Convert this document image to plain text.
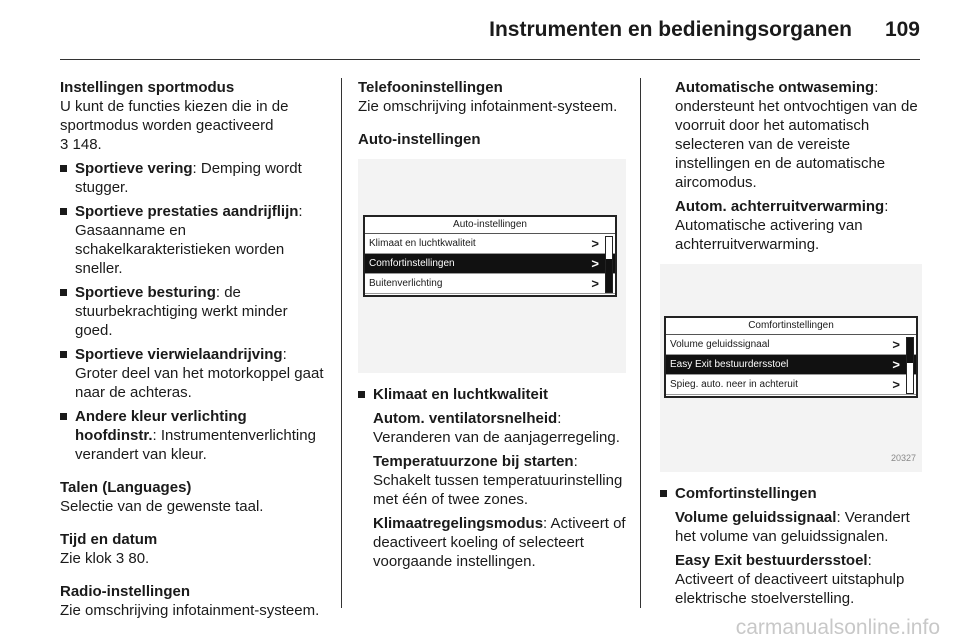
Instrumenten en bedieningsorganen 109

Instellingen sportmodus

U kunt de functies kiezen die in de sportmodus worden geactiveerd

3 148.

Sportieve vering: Demping wordt stugger.
Sportieve prestaties aandrijflijn: Gasaanname en schakelkarakteristieken worden sneller.
Sportieve besturing: de stuurbekrachtiging werkt minder goed.
Sportieve vierwielaandrijving: Groter deel van het motorkoppel gaat naar de achteras.
Andere kleur verlichting hoofdinstr.: Instrumentenverlichting verandert van kleur.

Talen (Languages)

Selectie van de gewenste taal.

Tijd en datum

Zie klok 3 80.

Radio-instellingen

Zie omschrijving infotainment-systeem.

Telefooninstellingen

Zie omschrijving infotainment-systeem.

Auto-instellingen

Auto-instellingen
Klimaat en luchtkwaliteit	>
Comfortinstellingen	>
Buitenverlichting	>
Klimaat en luchtkwaliteit

Autom. ventilatorsnelheid: Veranderen van de aanjagerregeling.

Temperatuurzone bij starten: Schakelt tussen temperatuurinstelling met één of twee zones.

Klimaatregelingsmodus: Activeert of deactiveert koeling of selecteert voorgaande instellingen.

Automatische ontwaseming: ondersteunt het ontvochtigen van de voorruit door het automatisch selecteren van de vereiste instellingen en de automatische aircomodus.

Autom. achterruitverwarming: Automatische activering van achterruitverwarming.

Comfortinstellingen
Volume geluidssignaal	>
Easy Exit bestuurdersstoel	>
Spieg. auto. neer in achteruit	>
20327
Comfortinstellingen

Volume geluidssignaal: Verandert het volume van geluidssignalen.

Easy Exit bestuurdersstoel: Activeert of deactiveert uitstaphulp elektrische stoelverstelling.

carmanualsonline.info
